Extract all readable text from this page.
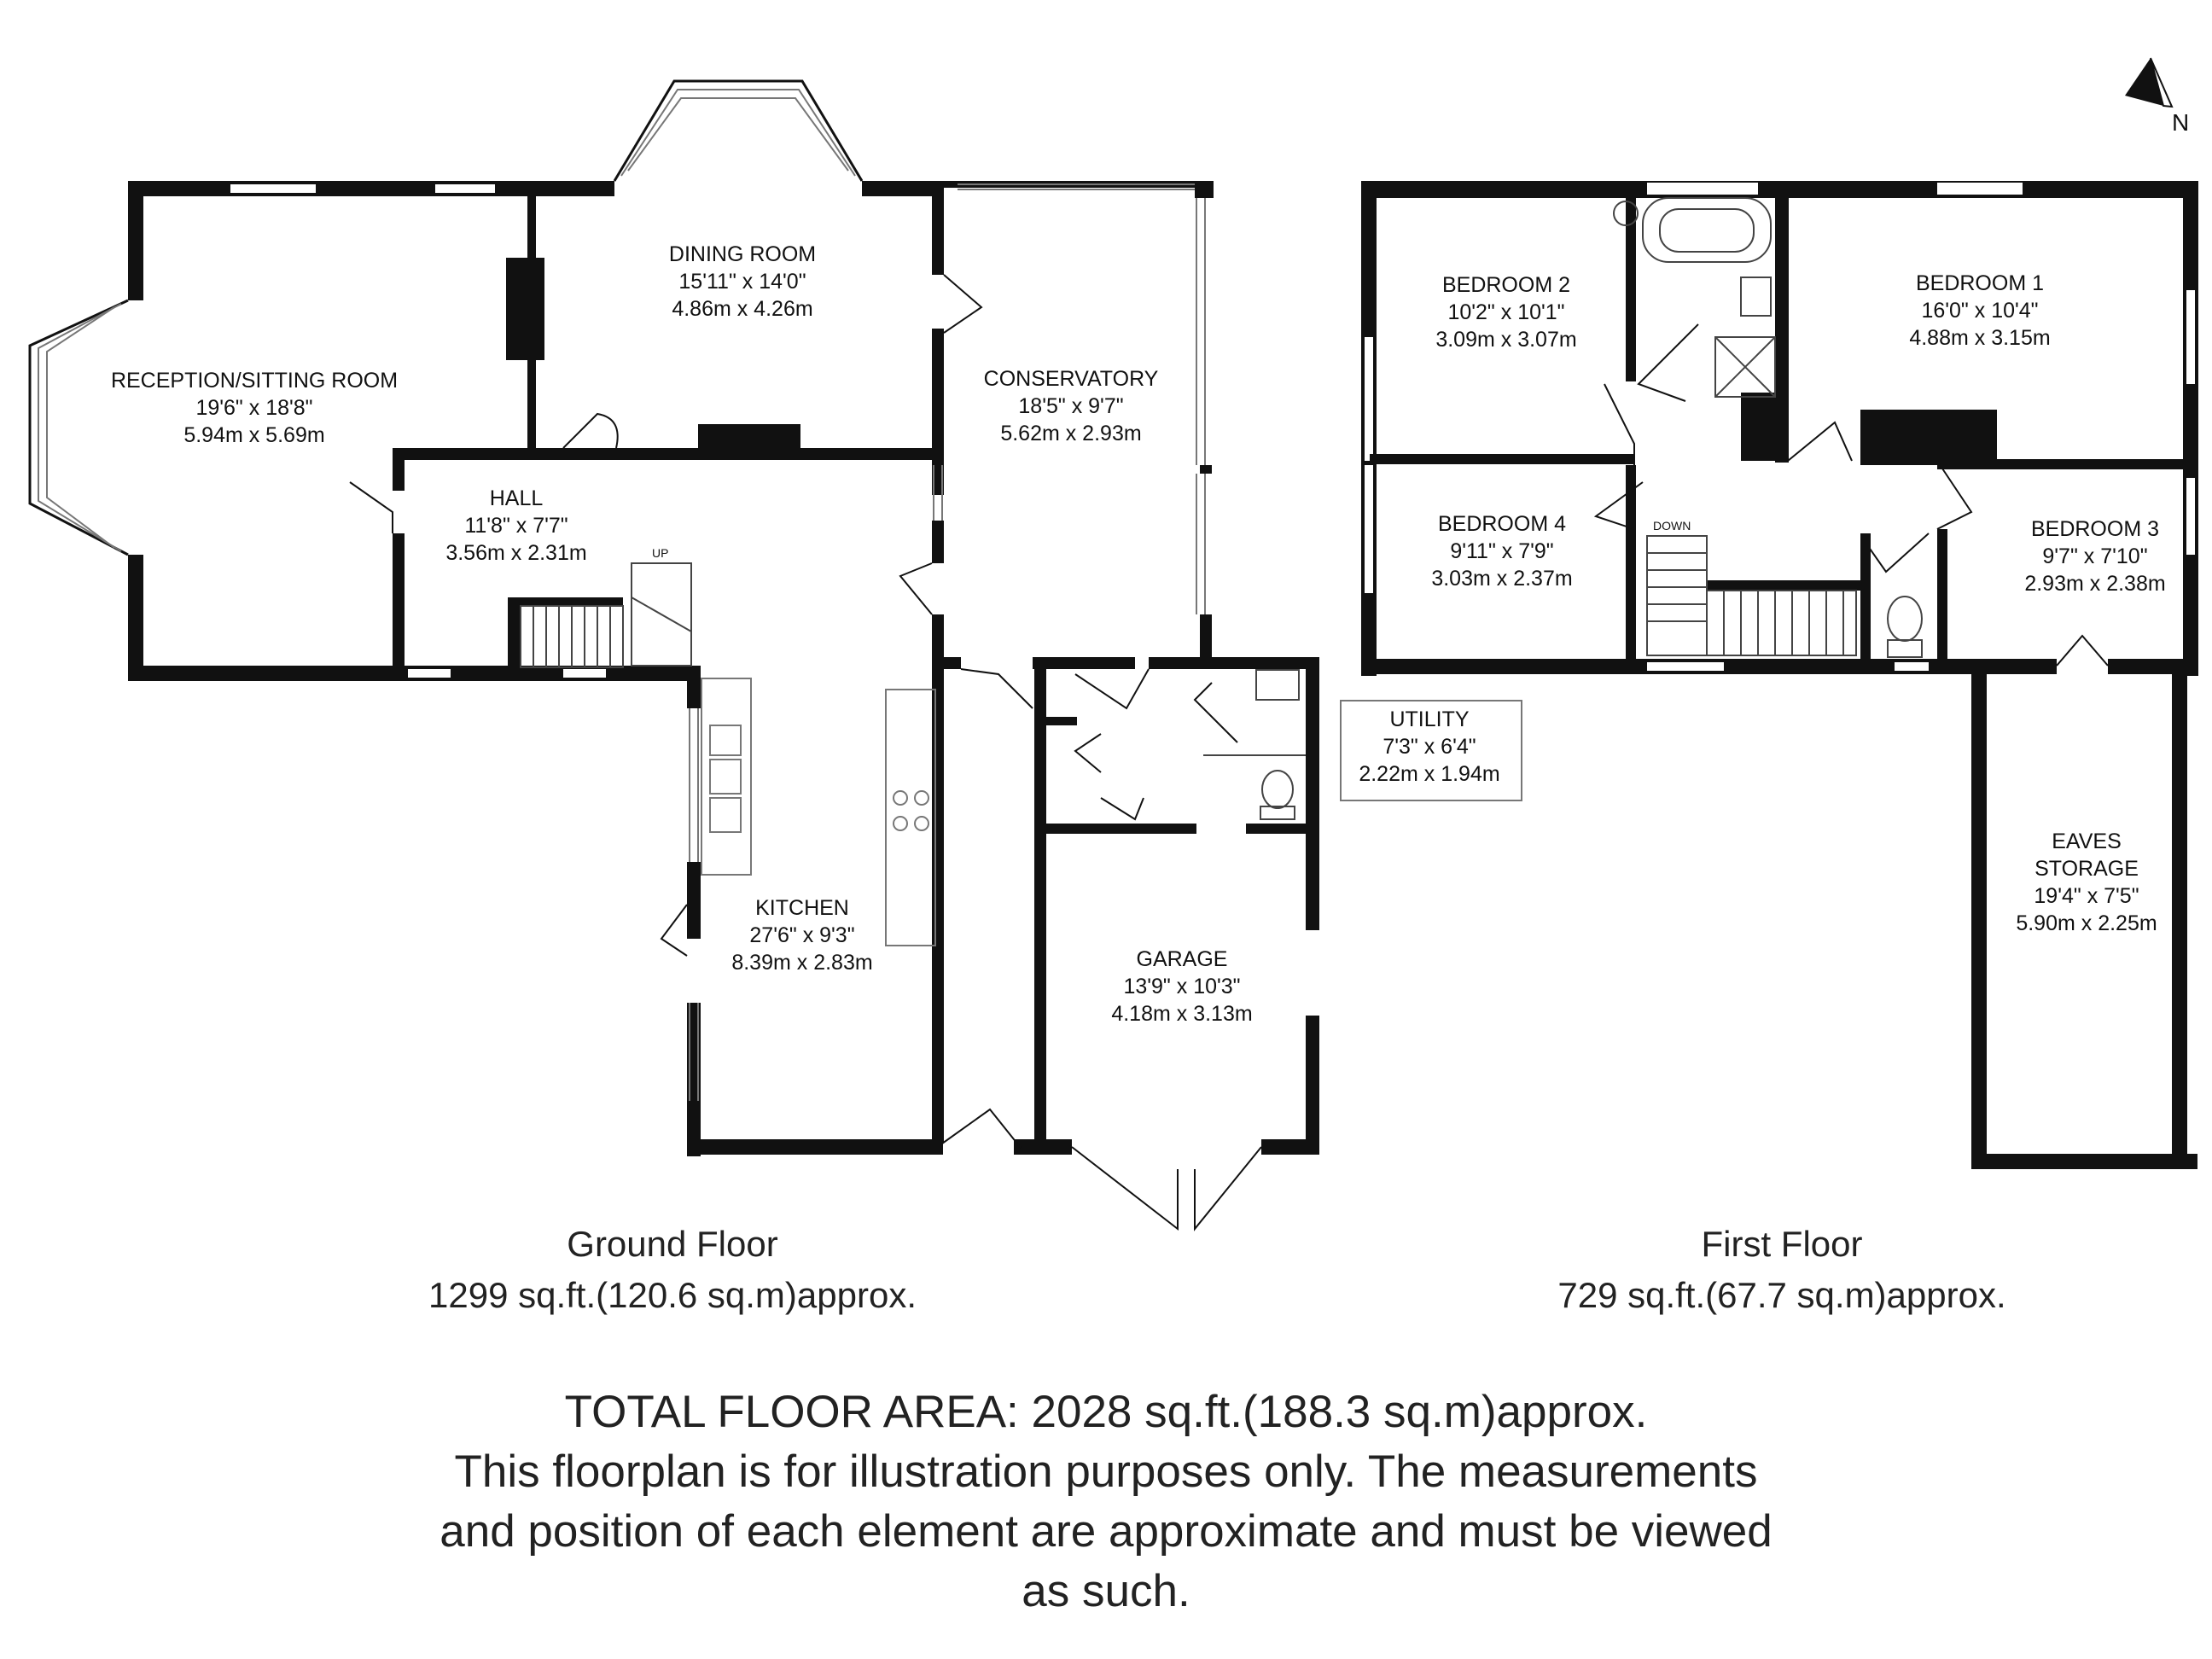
N
RECEPTION/SITTING ROOM
19'6" x 18'8"
5.94m x 5.69m
DINING ROOM
15'11" x 14'0"
4.86m x 4.26m
CONSERVATORY
18'5" x 9'7"
5.62m x 2.93m
HALL
11'8" x 7'7"
3.56m x 2.31m
KITCHEN
27'6" x 9'3"
8.39m x 2.83m
UTILITY
7'3" x 6'4"
2.22m x 1.94m
GARAGE
13'9" x 10'3"
4.18m x 3.13m
UP
BEDROOM 2
10'2" x 10'1"
3.09m x 3.07m
BEDROOM 1
16'0" x 10'4"
4.88m x 3.15m
BEDROOM 4
9'11" x 7'9"
3.03m x 2.37m
BEDROOM 3
9'7" x 7'10"
2.93m x 2.38m
EAVES
STORAGE
19'4" x 7'5"
5.90m x 2.25m
DOWN
Ground Floor
1299 sq.ft.(120.6 sq.m)approx.
First Floor
729 sq.ft.(67.7 sq.m)approx.
TOTAL FLOOR AREA: 2028 sq.ft.(188.3 sq.m)approx.
This floorplan is for illustration purposes only. The measurements
and position of each element are approximate and must be viewed
as such.
